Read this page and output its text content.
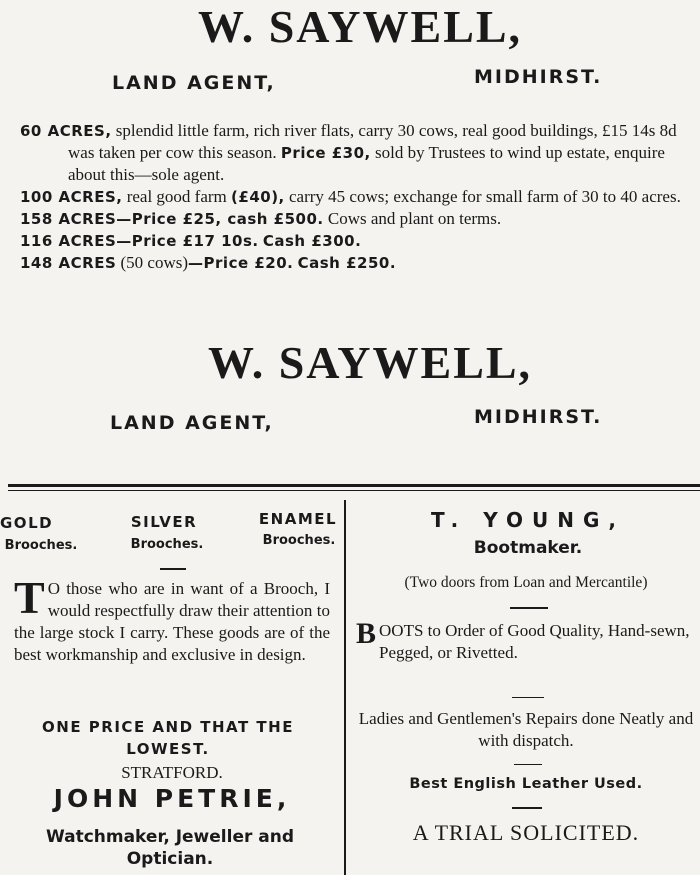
W. SAYWELL,
LAND AGENT,	MIDHIRST.

60 ACRES, splendid little farm, rich river flats, carry 30 cows, real good buildings, £15 14s 8d was taken per cow this season. Price £30, sold by Trustees to wind up estate, enquire about this—sole agent.

100 ACRES, real good farm (£40), carry 45 cows; exchange for small farm of 30 to 40 acres.

158 ACRES—Price £25, cash £500. Cows and plant on terms.

116 ACRES—Price £17 10s. Cash £300.

148 ACRES (50 cows)—Price £20. Cash £250.

W. SAYWELL,
LAND AGENT,	MIDHIRST.
GOLD
Brooches.
SILVER
Brooches.
ENAMEL
Brooches.
T O those who are in want of a Brooch, I would respectfully draw their attention to the large stock I carry. These goods are of the best workmanship and exclusive in design.
ONE PRICE AND THAT THE LOWEST.
STRATFORD.
JOHN PETRIE,
Watchmaker, Jeweller and Optician.
T. YOUNG,
Bootmaker.
(Two doors from Loan and Mercantile)
BOOTS to Order of Good Quality, Hand-sewn, Pegged, or Rivetted.
Ladies and Gentlemen's Repairs done Neatly and with dispatch.
Best English Leather Used.
A TRIAL SOLICITED.
